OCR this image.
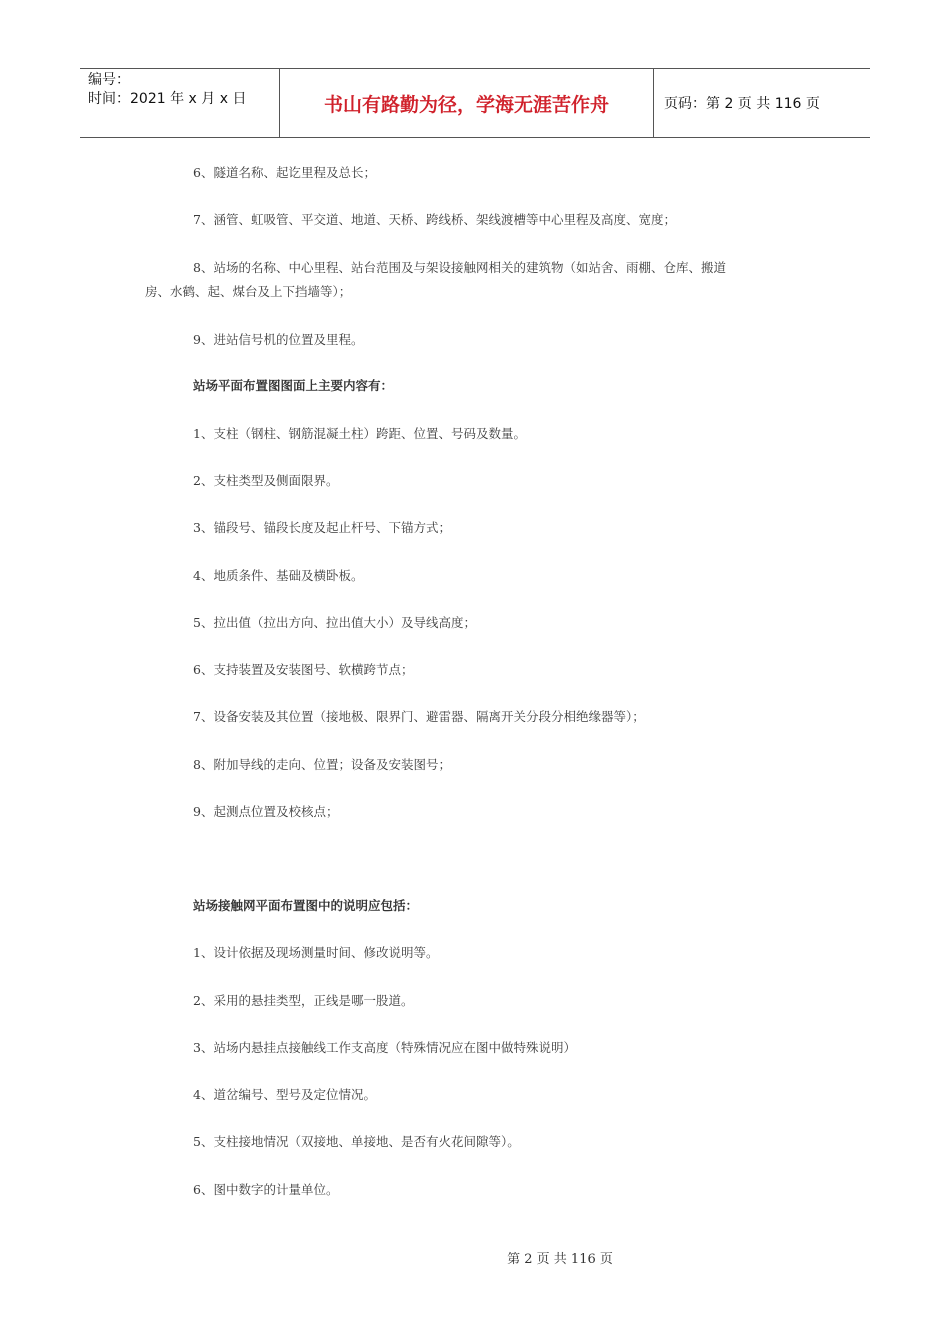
编号：
时间：2021 年 x 月 x 日	书山有路勤为径，学海无涯苦作舟	页码：第 2 页 共 116 页
6、隧道名称、起讫里程及总长；
7、涵管、虹吸管、平交道、地道、天桥、跨线桥、架线渡槽等中心里程及高度、宽度；
8、站场的名称、中心里程、站台范围及与架设接触网相关的建筑物（如站舍、雨棚、仓库、搬道
房、水鹤、起、煤台及上下挡墙等）；
9、进站信号机的位置及里程。
站场平面布置图图面上主要内容有：
1、支柱（钢柱、钢筋混凝土柱）跨距、位置、号码及数量。
2、支柱类型及侧面限界。
3、锚段号、锚段长度及起止杆号、下锚方式；
4、地质条件、基础及横卧板。
5、拉出值（拉出方向、拉出值大小）及导线高度；
6、支持装置及安装图号、软横跨节点；
7、设备安装及其位置（接地极、限界门、避雷器、隔离开关分段分相绝缘器等）；
8、附加导线的走向、位置；设备及安装图号；
9、起测点位置及校核点；
站场接触网平面布置图中的说明应包括：
1、设计依据及现场测量时间、修改说明等。
2、采用的悬挂类型，正线是哪一股道。
3、站场内悬挂点接触线工作支高度（特殊情况应在图中做特殊说明）
4、道岔编号、型号及定位情况。
5、支柱接地情况（双接地、单接地、是否有火花间隙等）。
6、图中数字的计量单位。
第 2 页 共 116 页
